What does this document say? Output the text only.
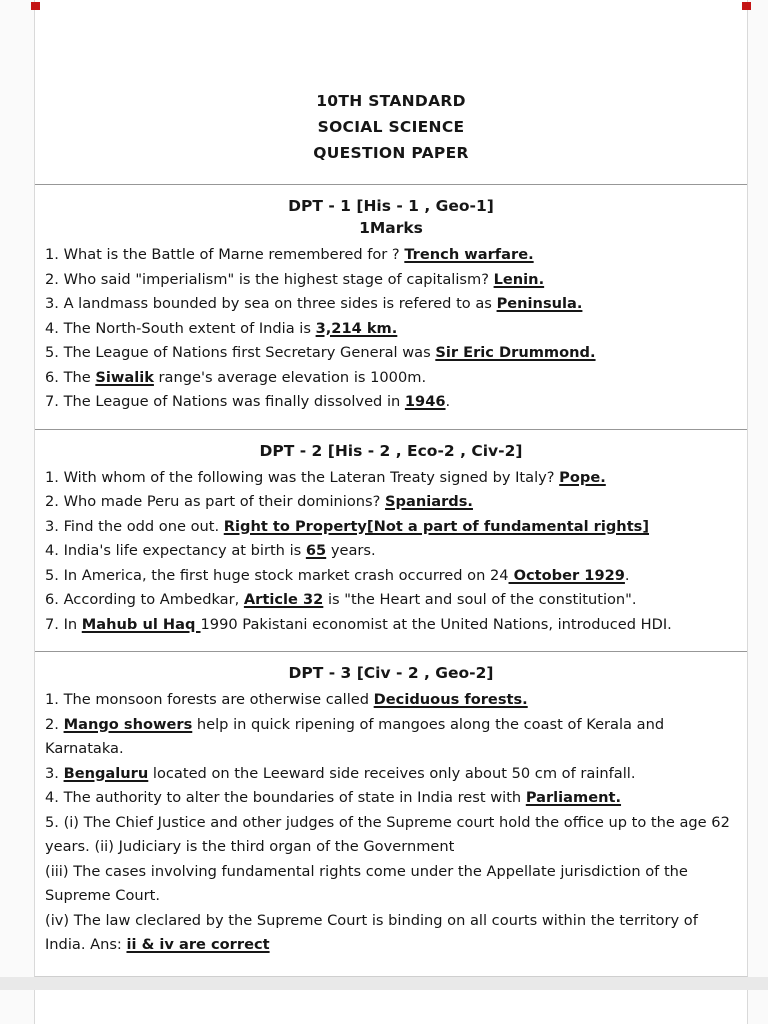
10TH STANDARD
SOCIAL SCIENCE
QUESTION PAPER
DPT - 1 [His - 1 , Geo-1]
1Marks

1. What is the Battle of Marne remembered for ? Trench warfare.

2. Who said "imperialism" is the highest stage of capitalism? Lenin.

3. A landmass bounded by sea on three sides is refered to as Peninsula.

4. The North-South extent of India is 3,214 km.

5. The League of Nations first Secretary General was Sir Eric Drummond.

6. The Siwalik range's average elevation is 1000m.

7. The League of Nations was finally dissolved in 1946.

DPT - 2 [His - 2 , Eco-2 , Civ-2]

1. With whom of the following was the Lateran Treaty signed by Italy? Pope.

2. Who made Peru as part of their dominions? Spaniards.

3. Find the odd one out. Right to Property[Not a part of fundamental rights]

4. India's life expectancy at birth is 65 years.

5. In America, the first huge stock market crash occurred on 24 October 1929.

6. According to Ambedkar, Article 32 is "the Heart and soul of the constitution".

7. In Mahub ul Haq 1990 Pakistani economist at the United Nations, introduced HDI.

DPT - 3 [Civ - 2 , Geo-2]

1. The monsoon forests are otherwise called Deciduous forests.

2. Mango showers help in quick ripening of mangoes along the coast of Kerala and Karnataka.

3. Bengaluru located on the Leeward side receives only about 50 cm of rainfall.

4. The authority to alter the boundaries of state in India rest with Parliament.

5. (i) The Chief Justice and other judges of the Supreme court hold the office up to the age 62 years. (ii) Judiciary is the third organ of the Government

(iii) The cases involving fundamental rights come under the Appellate jurisdiction of the Supreme Court.

(iv) The law cleclared by the Supreme Court is binding on all courts within the territory of India. Ans: ii & iv are correct
